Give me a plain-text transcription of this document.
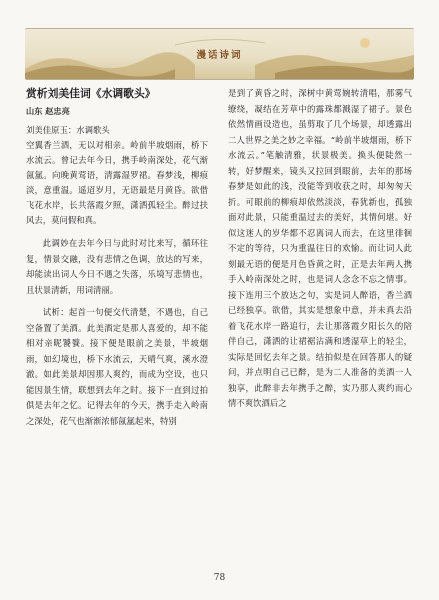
漫话诗词
赏析刘美佳词《水调歌头》
山东 赵忠亮
刘美佳原玉：水调歌头
空翼香兰酒，无以对相亲。岭前半坡烟雨，桥下水流云。曾记去年今日，携手岭南深处，花气渐氤氲。向晚黄莺语，清露湿罗裙。春梦浅，柳痕淡，意重温。遥迢岁月，无语最是月黄昏。欲借飞花水岸，长共落霞夕照，潇洒孤轻尘。醉过扶风去，莫问假和真。
此调妙在去年今日与此时对比来写，循环往复，情景交融，没有悲情之色调，放达的写来，却能读出词人今日不遇之失落，乐境写悲情也，且状景清新，用词清丽。
试析：起首一句便交代清楚，不遇也，自己空备置了美酒。此美酒定是那人喜爱的，却不能相对亲昵饕餮。接下便是眼前之美景，半坡烟雨，如幻境也，桥下水流云，天晴气爽，溪水澄澈。如此美景却因那人爽约，而成为空设，也只能因景生情，联想到去年之时。接下一直到过拍俱是去年之忆。记得去年的今天，携手走入岭南之深处，花气也渐渐浓郁氤氲起来，特别
是到了黄昏之时，深树中黄莺婉转清唱，那雾气缭绕，凝结在芳草中的露珠都溅湿了裙子。景色依然情画设造也，虽剪取了几个场景，却透露出二人世界之美之妙之幸福。“岭前半坡烟雨，桥下水流云。”笔触清雅，状景极美。换头便陡然一转，好梦醒来，镜头又拉回到眼前，去年的那场春梦是如此的浅，没能等到收获之时，却匆匆天折。可眼前的柳痕却依然淡淡，春犹新也，孤独面对此景，只能重温过去的美好，其情何堪。好似这迷人的岁华都不忍离词人而去，在这里徘徊不定的等待，只为重温往日的欢愉。而让词人此刻最无语的便是月色昏黄之时，正是去年两人携手入岭南深处之时，也是词人念念不忘之情事。接下连用三个放达之句，实是词人醉语，香兰酒已经独享。欲借，其实是想象中意，并未真去沿着飞花水岸一路追行，去让那落霞夕阳长久的陪伴自己，潇洒的让裙裾沾满和透湿草上的轻尘，实际是回忆去年之景。结拍似是在回答那人的疑问，并点明自己已醉，是为二人准备的美酒一人独享，此醉非去年携手之醉，实乃那人爽约而心情不爽饮酒后之
78
